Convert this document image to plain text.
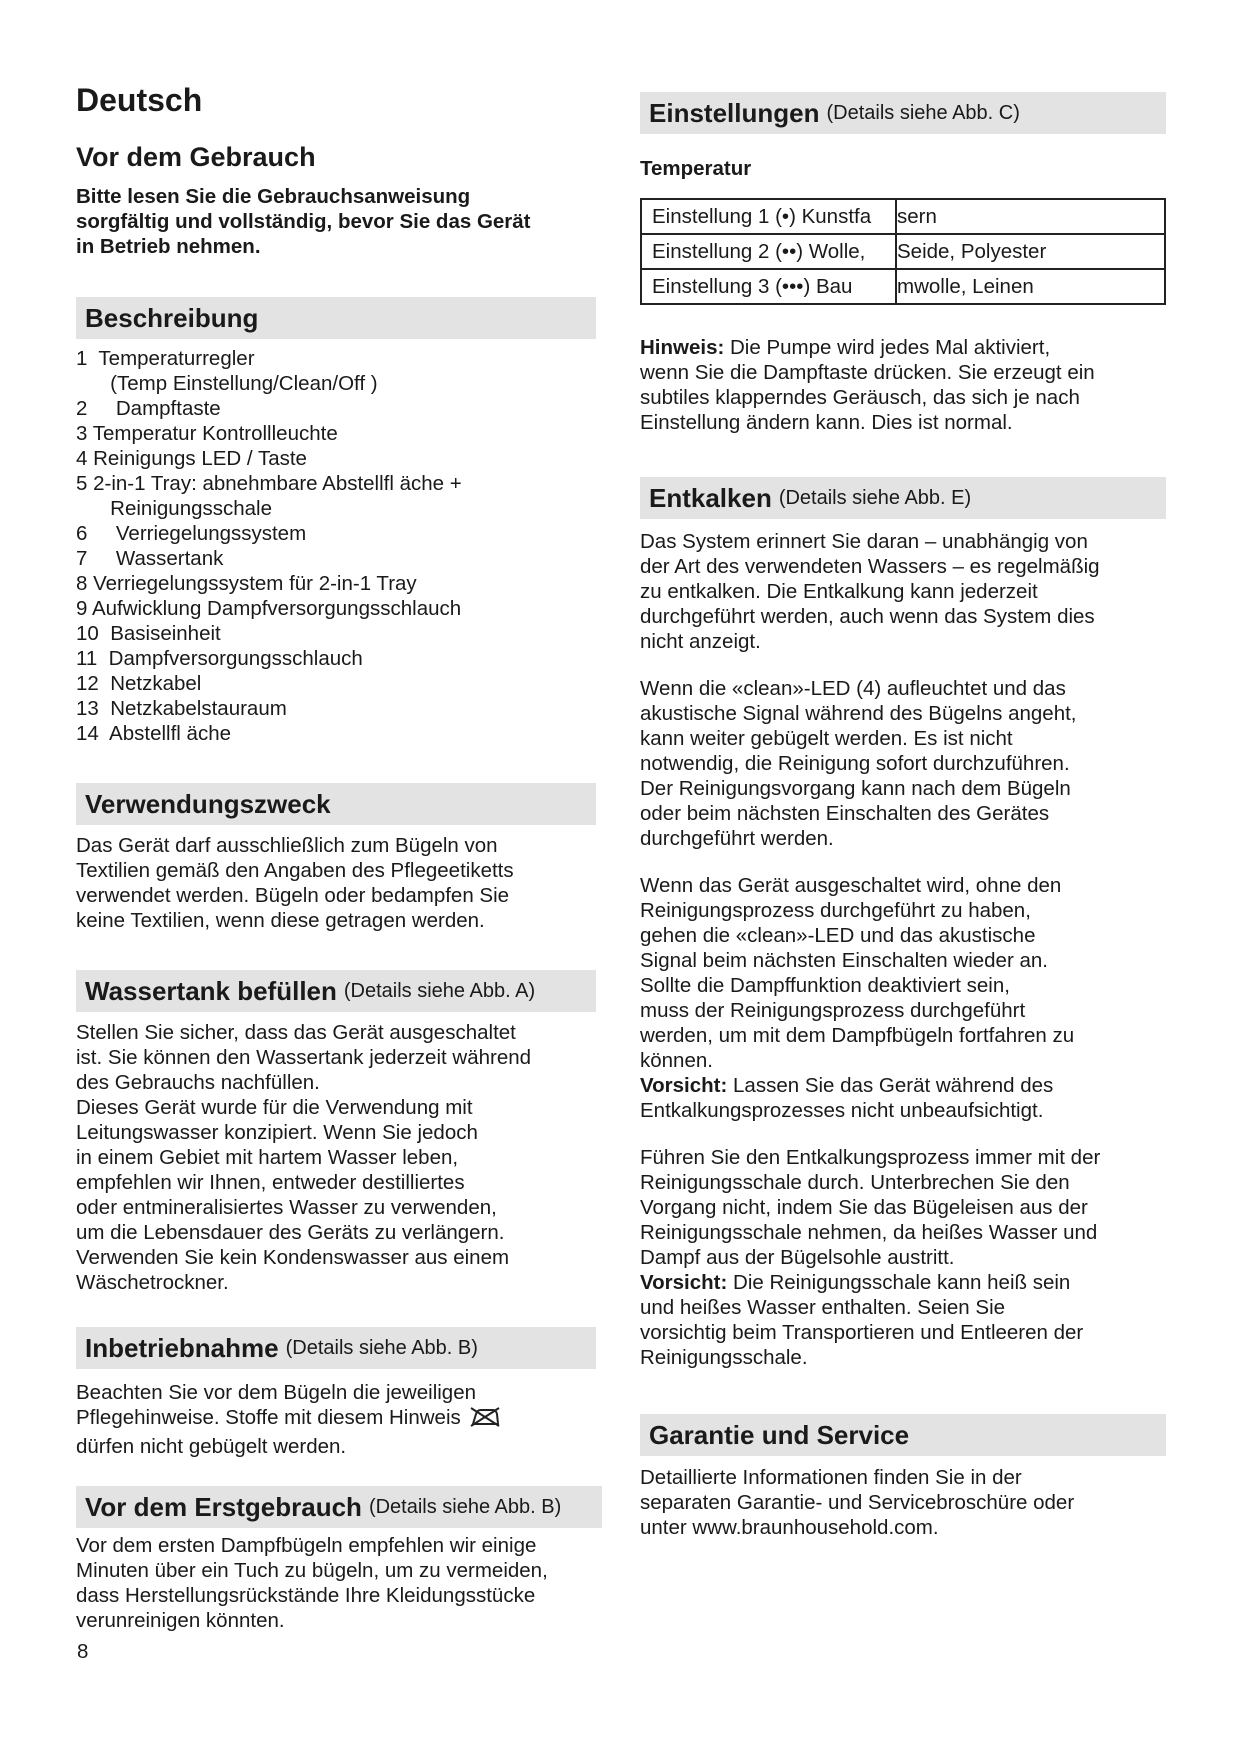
Deutsch
Vor dem Gebrauch

Bitte lesen Sie die Gebrauchsanweisung
sorgfältig und vollständig, bevor Sie das Gerät
in Betrieb nehmen.

Beschreibung
1  Temperaturregler
(Temp Einstellung/Clean/Off )
2     Dampftaste
3 Temperatur Kontrollleuchte
4 Reinigungs LED / Taste
5 2-in-1 Tray: abnehmbare Abstellfl äche +
Reinigungsschale
6     Verriegelungssystem
7     Wassertank
8 Verriegelungssystem für 2-in-1 Tray
9 Aufwicklung Dampfversorgungsschlauch
10  Basiseinheit
11  Dampfversorgungsschlauch
12  Netzkabel
13  Netzkabelstauraum
14  Abstellfl äche
Verwendungszweck

Das Gerät darf ausschließlich zum Bügeln von
Textilien gemäß den Angaben des Pflegeetiketts
verwendet werden. Bügeln oder bedampfen Sie
keine Textilien, wenn diese getragen werden.

Wassertank befüllen (Details siehe Abb. A)

Stellen Sie sicher, dass das Gerät ausgeschaltet
ist. Sie können den Wassertank jederzeit während
des Gebrauchs nachfüllen.
Dieses Gerät wurde für die Verwendung mit
Leitungswasser konzipiert. Wenn Sie jedoch
in einem Gebiet mit hartem Wasser leben,
empfehlen wir Ihnen, entweder destilliertes
oder entmineralisiertes Wasser zu verwenden,
um die Lebensdauer des Geräts zu verlängern.
Verwenden Sie kein Kondenswasser aus einem
Wäschetrockner.

Inbetriebnahme (Details siehe Abb. B)

Beachten Sie vor dem Bügeln die jeweiligen
Pflegehinweise. Stoffe mit diesem Hinweis
dürfen nicht gebügelt werden.

Vor dem Erstgebrauch (Details siehe Abb. B)

Vor dem ersten Dampfbügeln empfehlen wir einige
Minuten über ein Tuch zu bügeln, um zu vermeiden,
dass Herstellungsrückstände Ihre Kleidungsstücke
verunreinigen könnten.

8

Einstellungen (Details siehe Abb. C)

Temperatur

Einstellung 1 (•) Kunstfa	sern
Einstellung 2 (••) Wolle,	Seide, Polyester
Einstellung 3 (•••) Bau	mwolle, Leinen

Hinweis: Die Pumpe wird jedes Mal aktiviert,
wenn Sie die Dampftaste drücken. Sie erzeugt ein
subtiles klapperndes Geräusch, das sich je nach
Einstellung ändern kann. Dies ist normal.

Entkalken (Details siehe Abb. E)

Das System erinnert Sie daran – unabhängig von
der Art des verwendeten Wassers – es regelmäßig
zu entkalken. Die Entkalkung kann jederzeit
durchgeführt werden, auch wenn das System dies
nicht anzeigt.

Wenn die «clean»-LED (4) aufleuchtet und das
akustische Signal während des Bügelns angeht,
kann weiter gebügelt werden. Es ist nicht
notwendig, die Reinigung sofort durchzuführen.
Der Reinigungsvorgang kann nach dem Bügeln
oder beim nächsten Einschalten des Gerätes
durchgeführt werden.

Wenn das Gerät ausgeschaltet wird, ohne den
Reinigungsprozess durchgeführt zu haben,
gehen die «clean»-LED und das akustische
Signal beim nächsten Einschalten wieder an.
Sollte die Dampffunktion deaktiviert sein,
muss der Reinigungsprozess durchgeführt
werden, um mit dem Dampfbügeln fortfahren zu
können.
Vorsicht: Lassen Sie das Gerät während des
Entkalkungsprozesses nicht unbeaufsichtigt.

Führen Sie den Entkalkungsprozess immer mit der
Reinigungsschale durch. Unterbrechen Sie den
Vorgang nicht, indem Sie das Bügeleisen aus der
Reinigungsschale nehmen, da heißes Wasser und
Dampf aus der Bügelsohle austritt.
Vorsicht: Die Reinigungsschale kann heiß sein
und heißes Wasser enthalten. Seien Sie
vorsichtig beim Transportieren und Entleeren der
Reinigungsschale.

Garantie und Service

Detaillierte Informationen finden Sie in der
separaten Garantie- und Servicebroschüre oder
unter www.braunhousehold.com.
